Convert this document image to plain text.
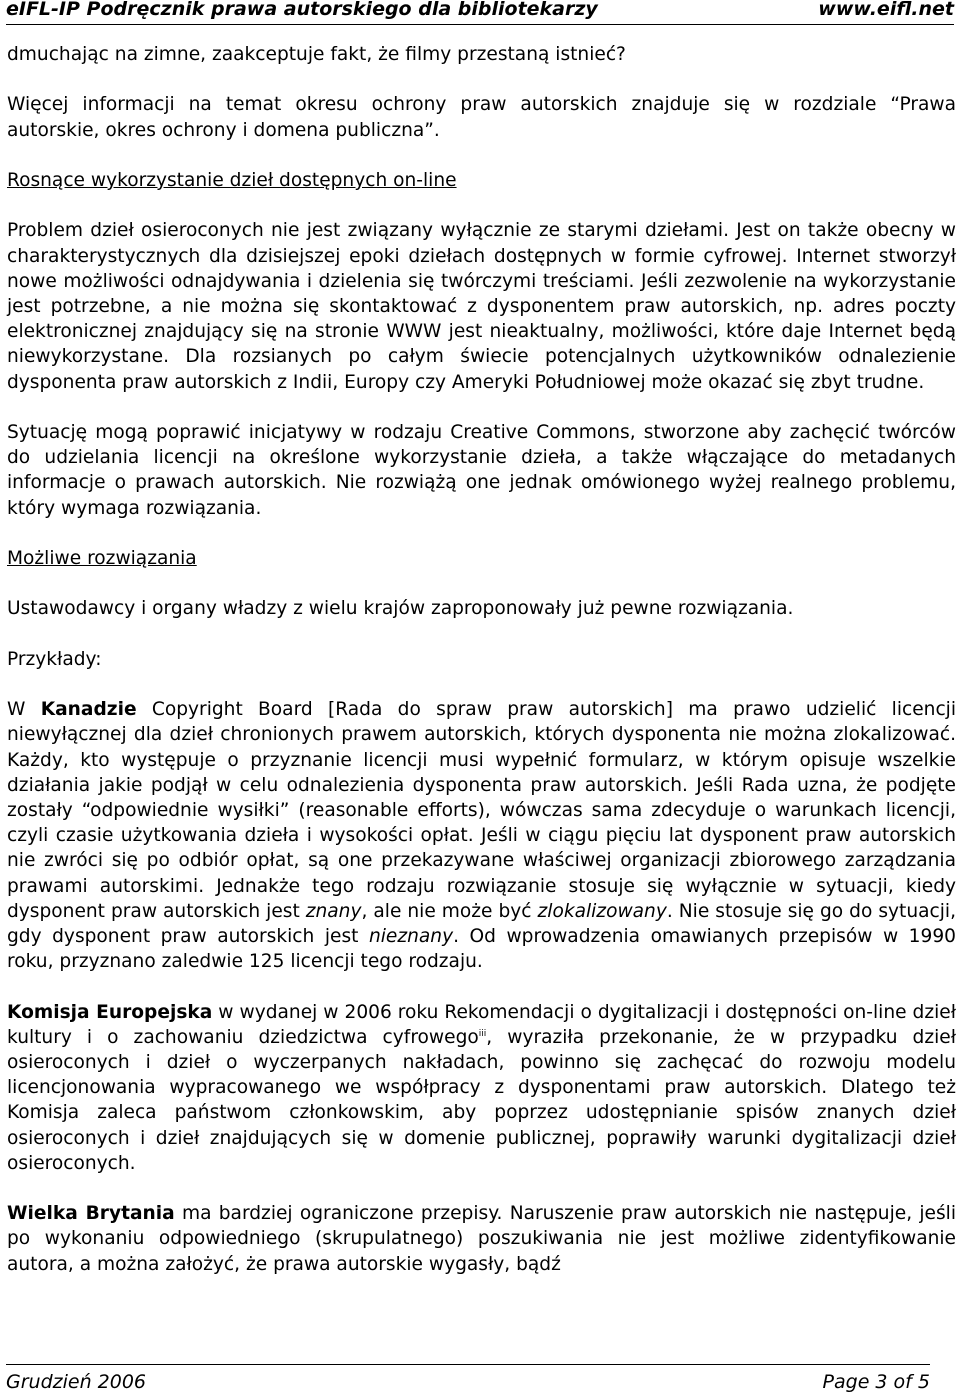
eIFL-IP Podręcznik prawa autorskiego dla bibliotekarzy	www.eifl.net

dmuchając na zimne, zaakceptuje fakt, że filmy przestaną istnieć?

Więcej informacji na temat okresu ochrony praw autorskich znajduje się w rozdziale “Prawa autorskie, okres ochrony i domena publiczna”.

Rosnące wykorzystanie dzieł dostępnych on-line

Problem dzieł osieroconych nie jest związany wyłącznie ze starymi dziełami. Jest on także obecny w charakterystycznych dla dzisiejszej epoki dziełach dostępnych w formie cyfrowej. Internet stworzył nowe możliwości odnajdywania i dzielenia się twórczymi treściami. Jeśli zezwolenie na wykorzystanie jest potrzebne, a nie można się skontaktować z dysponentem praw autorskich, np. adres poczty elektronicznej znajdujący się na stronie WWW jest nieaktualny, możliwości, które daje Internet będą niewykorzystane. Dla rozsianych po całym świecie potencjalnych użytkowników odnalezienie dysponenta praw autorskich z Indii, Europy czy Ameryki Południowej może okazać się zbyt trudne.

Sytuację mogą poprawić inicjatywy w rodzaju Creative Commons, stworzone aby zachęcić twórców do udzielania licencji na określone wykorzystanie dzieła, a także włączające do metadanych informacje o prawach autorskich. Nie rozwiążą one jednak omówionego wyżej realnego problemu, który wymaga rozwiązania.

Możliwe rozwiązania

Ustawodawcy i organy władzy z wielu krajów zaproponowały już pewne rozwiązania.

Przykłady:

W Kanadzie Copyright Board [Rada do spraw praw autorskich] ma prawo udzielić licencji niewyłącznej dla dzieł chronionych prawem autorskich, których dysponenta nie można zlokalizować. Każdy, kto występuje o przyznanie licencji musi wypełnić formularz, w którym opisuje wszelkie działania jakie podjął w celu odnalezienia dysponenta praw autorskich. Jeśli Rada uzna, że podjęte zostały “odpowiednie wysiłki” (reasonable efforts), wówczas sama zdecyduje o warunkach licencji, czyli czasie użytkowania dzieła i wysokości opłat. Jeśli w ciągu pięciu lat dysponent praw autorskich nie zwróci się po odbiór opłat, są one przekazywane właściwej organizacji zbiorowego zarządzania prawami autorskimi. Jednakże tego rodzaju rozwiązanie stosuje się wyłącznie w sytuacji, kiedy dysponent praw autorskich jest znany, ale nie może być zlokalizowany. Nie stosuje się go do sytuacji, gdy dysponent praw autorskich jest nieznany. Od wprowadzenia omawianych przepisów w 1990 roku, przyznano zaledwie 125 licencji tego rodzaju.

Komisja Europejska w wydanej w 2006 roku Rekomendacji o dygitalizacji i dostępności on-line dzieł kultury i o zachowaniu dziedzictwa cyfrowego$^{iii}$, wyraziła przekonanie, że w przypadku dzieł osieroconych i dzieł o wyczerpanych nakładach, powinno się zachęcać do rozwoju modelu licencjonowania wypracowanego we współpracy z dysponentami praw autorskich. Dlatego też Komisja zaleca państwom członkowskim, aby poprzez udostępnianie spisów znanych dzieł osieroconych i dzieł znajdujących się w domenie publicznej, poprawiły warunki dygitalizacji dzieł osieroconych.

Wielka Brytania ma bardziej ograniczone przepisy. Naruszenie praw autorskich nie następuje, jeśli po wykonaniu odpowiedniego (skrupulatnego) poszukiwania nie jest możliwe zidentyfikowanie autora, a można założyć, że prawa autorskie wygasły, bądź

Grudzień 2006	Page 3 of 5
